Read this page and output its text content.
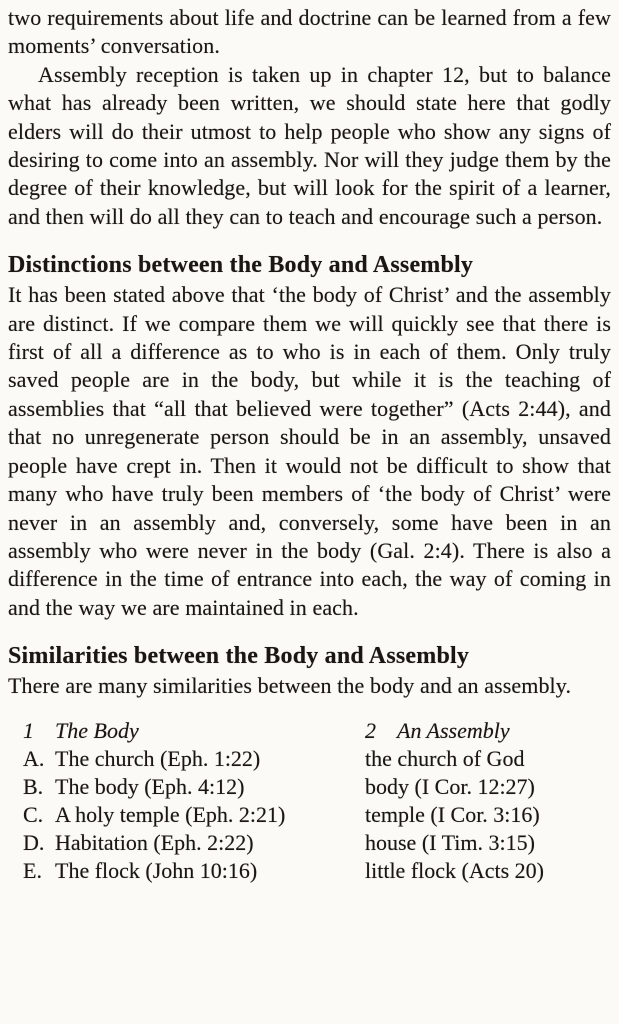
two requirements about life and doctrine can be learned from a few moments’ conversation.

Assembly reception is taken up in chapter 12, but to balance what has already been written, we should state here that godly elders will do their utmost to help people who show any signs of desiring to come into an assembly. Nor will they judge them by the degree of their knowledge, but will look for the spirit of a learner, and then will do all they can to teach and encourage such a person.

Distinctions between the Body and Assembly

It has been stated above that ‘the body of Christ’ and the assembly are distinct. If we compare them we will quickly see that there is first of all a difference as to who is in each of them. Only truly saved people are in the body, but while it is the teaching of assemblies that “all that believed were together” (Acts 2:44), and that no unregenerate person should be in an assembly, unsaved people have crept in. Then it would not be difficult to show that many who have truly been members of ‘the body of Christ’ were never in an assembly and, conversely, some have been in an assembly who were never in the body (Gal. 2:4). There is also a difference in the time of entrance into each, the way of coming in and the way we are maintained in each.

Similarities between the Body and Assembly

There are many similarities between the body and an assembly.

1 The Body	2 An Assembly
A. The church (Eph. 1:22)	the church of God
B. The body (Eph. 4:12)	body (I Cor. 12:27)
C. A holy temple (Eph. 2:21)	temple (I Cor. 3:16)
D. Habitation (Eph. 2:22)	house (I Tim. 3:15)
E. The flock (John 10:16)	little flock (Acts 20)
